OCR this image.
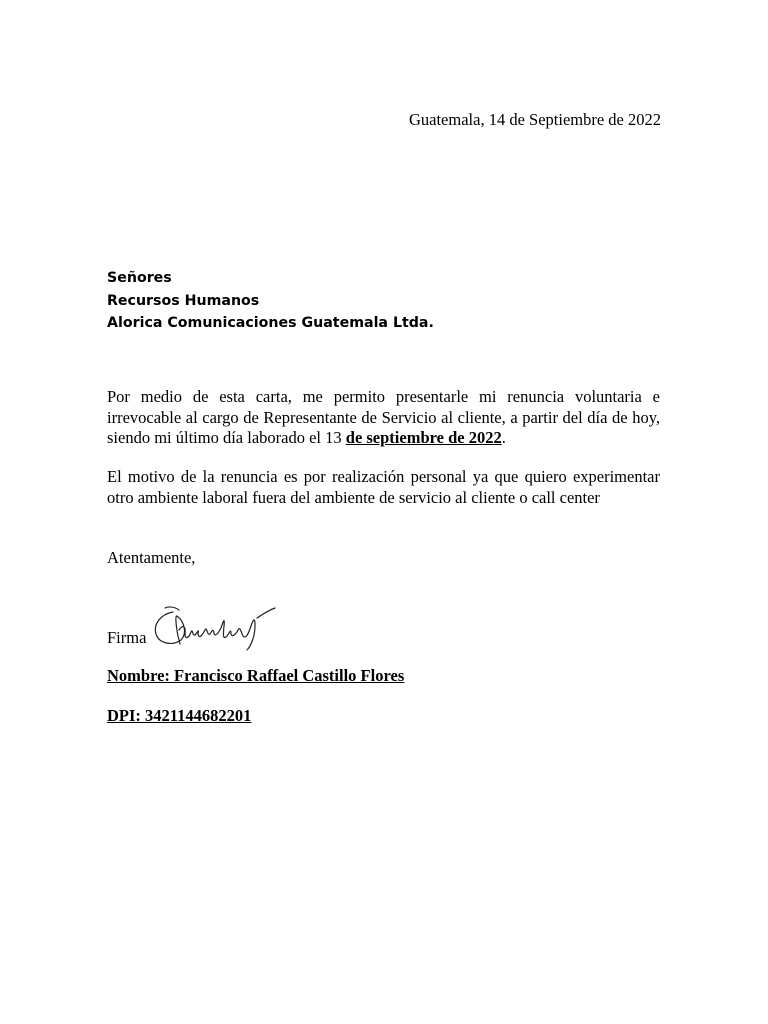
Guatemala, 14 de Septiembre de 2022
Señores
Recursos Humanos
Alorica Comunicaciones Guatemala Ltda.
Por medio de esta carta, me permito presentarle mi renuncia voluntaria e irrevocable al cargo de Representante de Servicio al cliente, a partir del día de hoy, siendo mi último día laborado el 13 de septiembre de 2022.
El motivo de la renuncia es por realización personal ya que quiero experimentar otro ambiente laboral fuera del ambiente de servicio al cliente o call center
Atentamente,
Firma
Nombre: Francisco Raffael Castillo Flores
DPI: 3421144682201
